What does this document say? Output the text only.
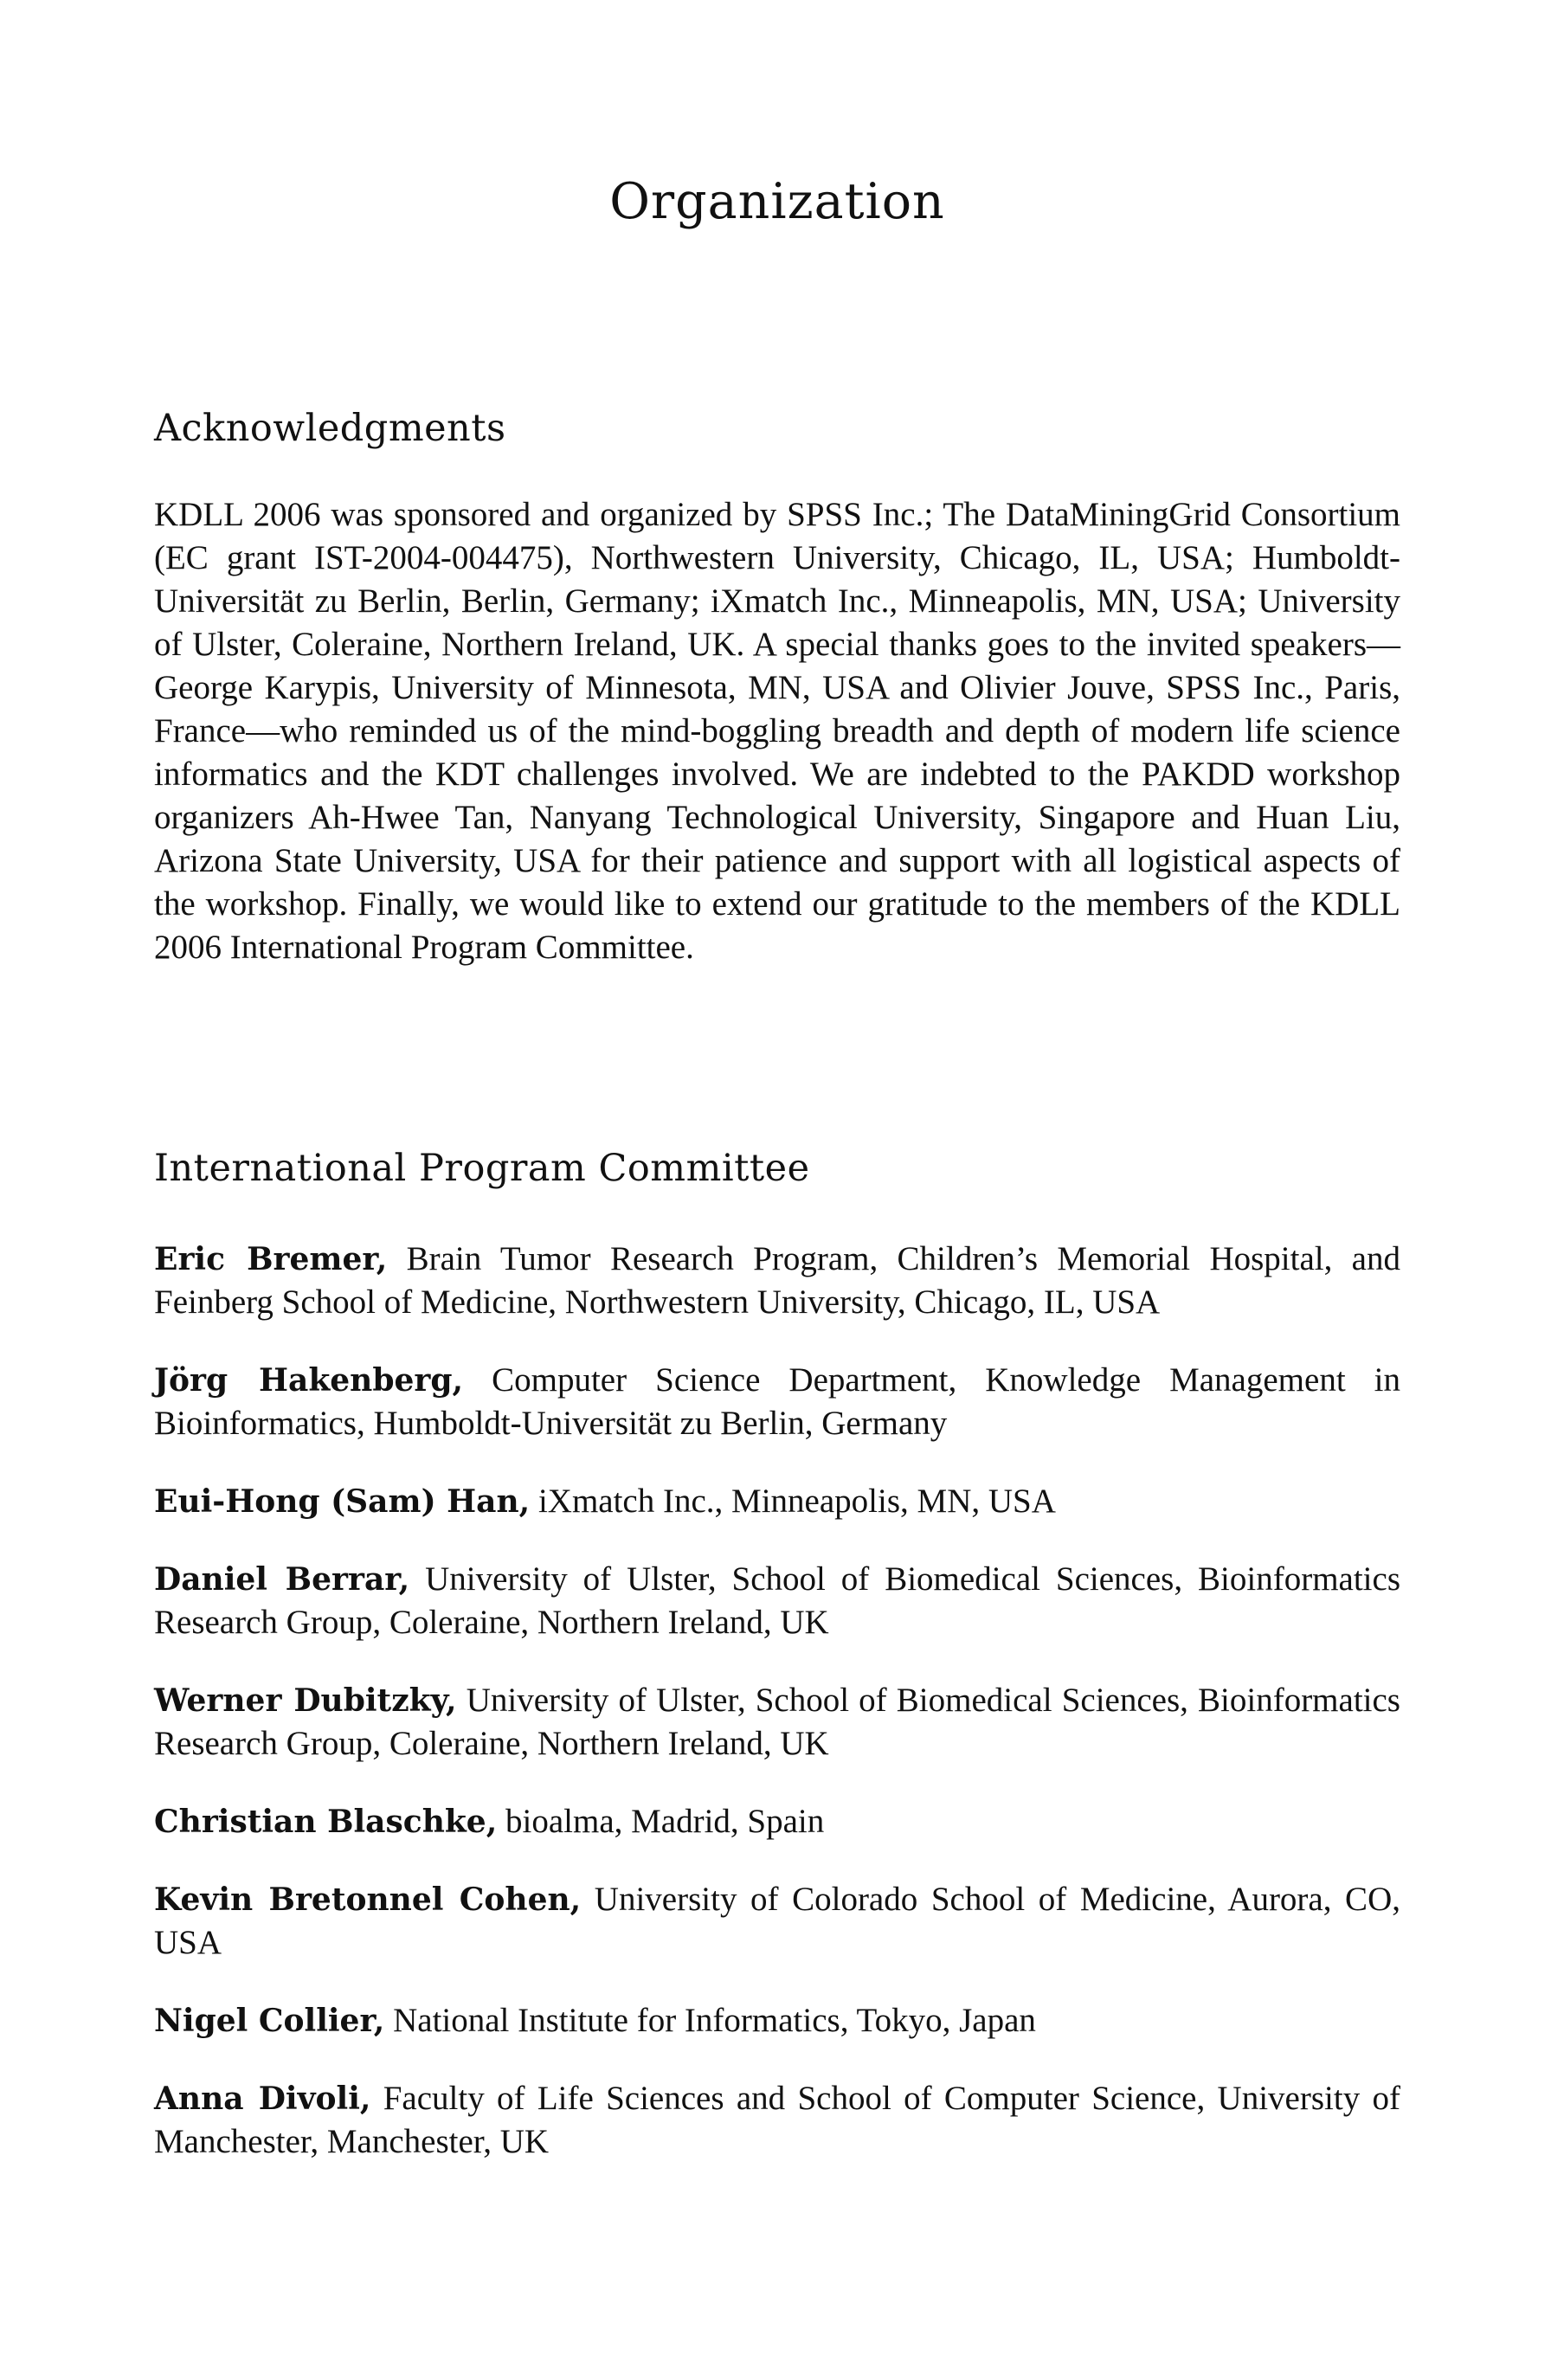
Organization
Acknowledgments

KDLL 2006 was sponsored and organized by SPSS Inc.; The DataMiningGrid Consortium (EC grant IST-2004-004475), Northwestern University, Chicago, IL, USA; Humboldt-Universität zu Berlin, Berlin, Germany; iXmatch Inc., Minneapolis, MN, USA; University of Ulster, Coleraine, Northern Ireland, UK. A special thanks goes to the invited speakers—George Karypis, University of Minnesota, MN, USA and Olivier Jouve, SPSS Inc., Paris, France—who reminded us of the mind-boggling breadth and depth of modern life science informatics and the KDT challenges involved. We are indebted to the PAKDD workshop organizers Ah-Hwee Tan, Nanyang Technological University, Singapore and Huan Liu, Arizona State University, USA for their patience and support with all logistical aspects of the workshop. Finally, we would like to extend our gratitude to the members of the KDLL 2006 International Program Committee.

International Program Committee

Eric Bremer, Brain Tumor Research Program, Children’s Memorial Hospital, and Feinberg School of Medicine, Northwestern University, Chicago, IL, USA

Jörg Hakenberg, Computer Science Department, Knowledge Management in Bioinformatics, Humboldt-Universität zu Berlin, Germany

Eui-Hong (Sam) Han, iXmatch Inc., Minneapolis, MN, USA

Daniel Berrar, University of Ulster, School of Biomedical Sciences, Bioinformatics Research Group, Coleraine, Northern Ireland, UK

Werner Dubitzky, University of Ulster, School of Biomedical Sciences, Bioinformatics Research Group, Coleraine, Northern Ireland, UK

Christian Blaschke, bioalma, Madrid, Spain

Kevin Bretonnel Cohen, University of Colorado School of Medicine, Aurora, CO, USA

Nigel Collier, National Institute for Informatics, Tokyo, Japan

Anna Divoli, Faculty of Life Sciences and School of Computer Science, University of Manchester, Manchester, UK
